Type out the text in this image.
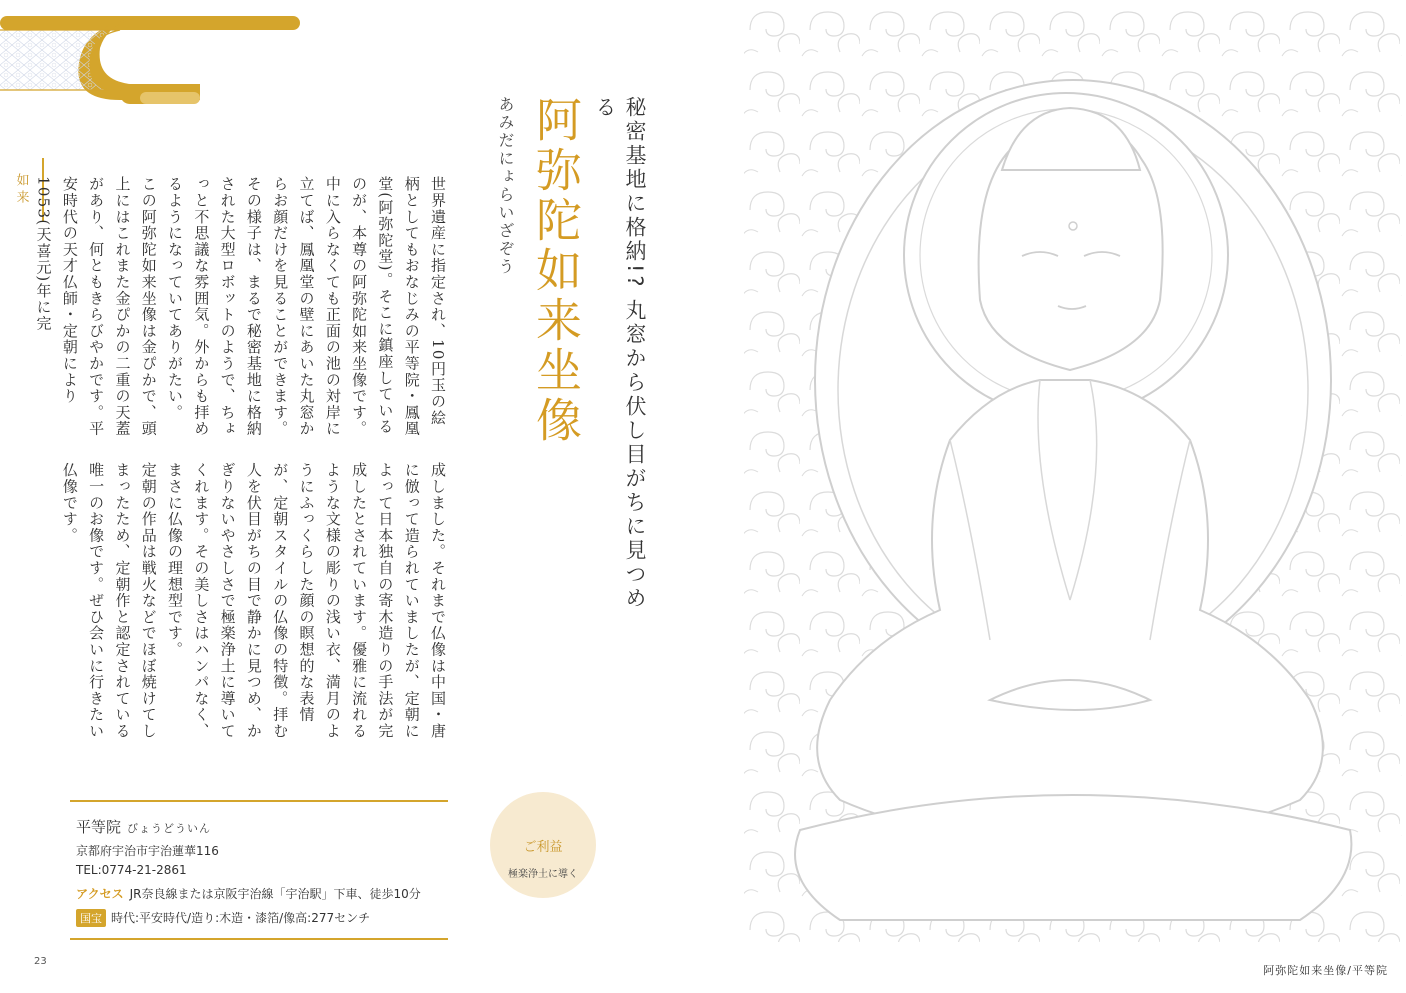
如来	秘密基地に格納!? 丸窓から伏し目がちに見つめる
阿弥陀如来坐像
あみだにょらいざぞう

世界遺産に指定され、10円玉の絵柄としてもおなじみの平等院・鳳凰堂(阿弥陀堂)。そこに鎮座しているのが、本尊の阿弥陀如来坐像です。中に入らなくても正面の池の対岸に立てば、鳳凰堂の壁にあいた丸窓からお顔だけを見ることができます。その様子は、まるで秘密基地に格納された大型ロボットのようで、ちょっと不思議な雰囲気。外からも拝めるようになっていてありがたい。

この阿弥陀如来坐像は金ぴかで、頭上にはこれまた金ぴかの二重の天蓋があり、何ともきらびやかです。平安時代の天才仏師・定朝により1053(天喜元)年に完

成しました。それまで仏像は中国・唐に倣って造られていましたが、定朝によって日本独自の寄木造りの手法が完成したとされています。優雅に流れるような文様の彫りの浅い衣、満月のようにふっくらした顔の瞑想的な表情が、定朝スタイルの仏像の特徴。拝む人を伏目がちの目で静かに見つめ、かぎりないやさしさで極楽浄土に導いてくれます。その美しさはハンパなく、まさに仏像の理想型です。

定朝の作品は戦火などでほぼ焼けてしまったため、定朝作と認定されている唯一のお像です。ぜひ会いに行きたい仏像です。

平等院 びょうどういん
京都府宇治市宇治蓮華116
TEL:0774-21-2861
アクセス JR奈良線または京阪宇治線「宇治駅」下車、徒歩10分
国宝 時代:平安時代/造り:木造・漆箔/像高:277センチ
ご利益
極楽浄土に導く
23
阿弥陀如来坐像/平等院
